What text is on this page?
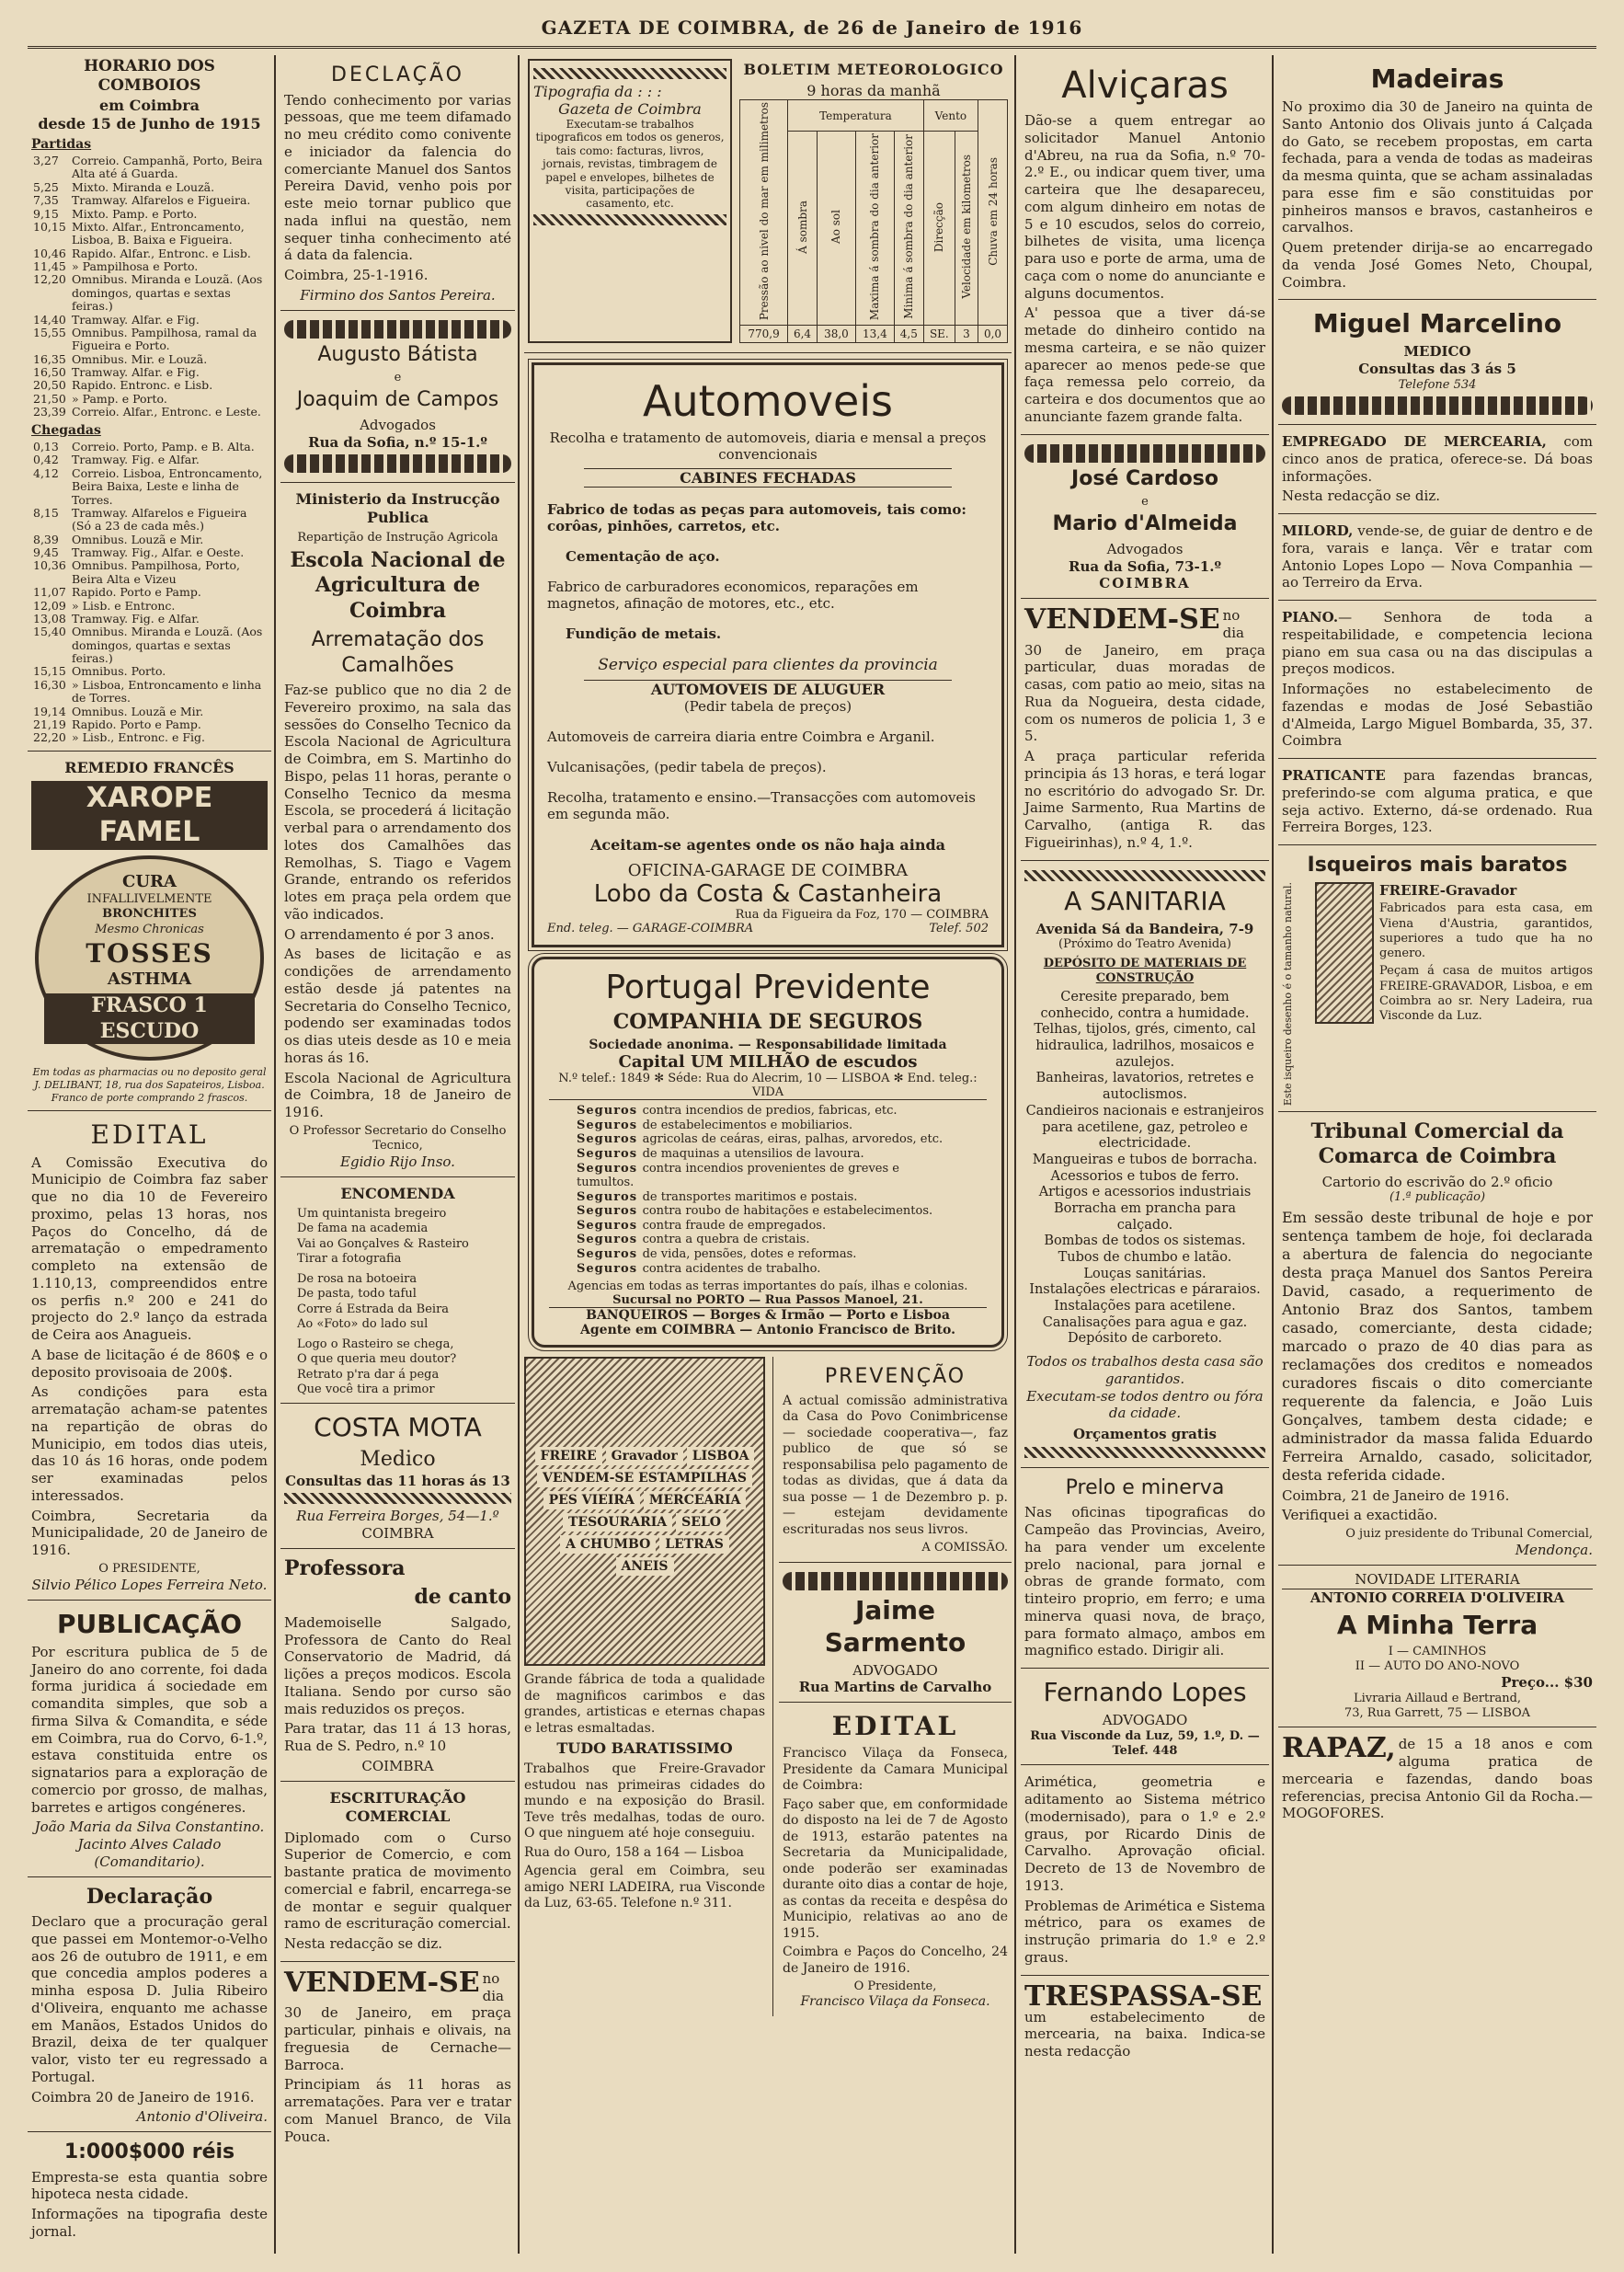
GAZETA DE COIMBRA, de 26 de Janeiro de 1916
HORARIO DOS COMBOIOS
em Coimbra
desde 15 de Junho de 1915
Partidas
3,27	Correio. Campanhã, Porto, Beira Alta até á Guarda.
5,25	Mixto. Miranda e Louzã.
7,35	Tramway. Alfarelos e Figueira.
9,15	Mixto. Pamp. e Porto.
10,15	Mixto. Alfar., Entroncamento, Lisboa, B. Baixa e Figueira.
10,46	Rapido. Alfar., Entronc. e Lisb.
11,45	» Pampilhosa e Porto.
12,20	Omnibus. Miranda e Louzã. (Aos domingos, quartas e sextas feiras.)
14,40	Tramway. Alfar. e Fig.
15,55	Omnibus. Pampilhosa, ramal da Figueira e Porto.
16,35	Omnibus. Mir. e Louzã.
16,50	Tramway. Alfar. e Fig.
20,50	Rapido. Entronc. e Lisb.
21,50	» Pamp. e Porto.
23,39	Correio. Alfar., Entronc. e Leste.
Chegadas
0,13	Correio. Porto, Pamp. e B. Alta.
0,42	Tramway. Fig. e Alfar.
4,12	Correio. Lisboa, Entroncamento, Beira Baixa, Leste e linha de Torres.
8,15	Tramway. Alfarelos e Figueira (Só a 23 de cada mês.)
8,39	Omnibus. Louzã e Mir.
9,45	Tramway. Fig., Alfar. e Oeste.
10,36	Omnibus. Pampilhosa, Porto, Beira Alta e Vizeu
11,07	Rapido. Porto e Pamp.
12,09	» Lisb. e Entronc.
13,08	Tramway. Fig. e Alfar.
15,40	Omnibus. Miranda e Louzã. (Aos domingos, quartas e sextas feiras.)
15,15	Omnibus. Porto.
16,30	» Lisboa, Entroncamento e linha de Torres.
19,14	Omnibus. Louzã e Mir.
21,19	Rapido. Porto e Pamp.
22,20	» Lisb., Entronc. e Fig.
REMEDIO FRANCÊS
XAROPE FAMEL
CURA
INFALLIVELMENTE
BRONCHITES
Mesmo Chronicas
TOSSES
ASTHMA
FRASCO 1 ESCUDO
Em todas as pharmacias ou no deposito geral J. DELIBANT, 18, rua dos Sapateiros, Lisboa. Franco de porte comprando 2 frascos.
EDITAL

A Comissão Executiva do Municipio de Coimbra faz saber que no dia 10 de Fevereiro proximo, pelas 13 horas, nos Paços do Concelho, dá de arrematação o empedramento completo na extensão de 1.110,13, compreendidos entre os perfis n.º 200 e 241 do projecto do 2.º lanço da estrada de Ceira aos Anagueis.

A base de licitação é de 860$ e o deposito provisoaia de 200$.

As condições para esta arrematação acham-se patentes na repartição de obras do Municipio, em todos dias uteis, das 10 ás 16 horas, onde podem ser examinadas pelos interessados.

Coimbra, Secretaria da Municipalidade, 20 de Janeiro de 1916.

O PRESIDENTE,
Silvio Pélico Lopes Ferreira Neto.
PUBLICAÇÃO

Por escritura publica de 5 de Janeiro do ano corrente, foi dada forma juridica á sociedade em comandita simples, que sob a firma Silva & Comandita, e séde em Coimbra, rua do Corvo, 6-1.º, estava constituida entre os signatarios para a exploração de comercio por grosso, de malhas, barretes e artigos congéneres.

João Maria da Silva Constantino.
Jacinto Alves Calado (Comanditario).
Declaração

Declaro que a procuração geral que passei em Montemor-o-Velho aos 26 de outubro de 1911, e em que concedia amplos poderes a minha esposa D. Julia Ribeiro d'Oliveira, enquanto me achasse em Manãos, Estados Unidos do Brazil, deixa de ter qualquer valor, visto ter eu regressado a Portugal.

Coimbra 20 de Janeiro de 1916.

Antonio d'Oliveira.
1:000$000 réis

Empresta-se esta quantia sobre hipoteca nesta cidade.

Informações na tipografia deste jornal.

DECLAÇÃO

Tendo conhecimento por varias pessoas, que me teem difamado no meu crédito como conivente e iniciador da falencia do comerciante Manuel dos Santos Pereira David, venho pois por este meio tornar publico que nada influi na questão, nem sequer tinha conhecimento até á data da falencia.

Coimbra, 25-1-1916.

Firmino dos Santos Pereira.
Augusto Bátista
e
Joaquim de Campos
Advogados
Rua da Sofia, n.º 15-1.º
Ministerio da Instrucção Publica
Repartição de Instrução Agricola
Escola Nacional de Agricultura de Coimbra
Arrematação dos Camalhões

Faz-se publico que no dia 2 de Fevereiro proximo, na sala das sessões do Conselho Tecnico da Escola Nacional de Agricultura de Coimbra, em S. Martinho do Bispo, pelas 11 horas, perante o Conselho Tecnico da mesma Escola, se procederá á licitação verbal para o arrendamento dos lotes dos Camalhões das Remolhas, S. Tiago e Vagem Grande, entrando os referidos lotes em praça pela ordem que vão indicados.

O arrendamento é por 3 anos.

As bases de licitação e as condições de arrendamento estão desde já patentes na Secretaria do Conselho Tecnico, podendo ser examinadas todos os dias uteis desde as 10 e meia horas ás 16.

Escola Nacional de Agricultura de Coimbra, 18 de Janeiro de 1916.

O Professor Secretario do Conselho Tecnico,
Egidio Rijo Inso.
ENCOMENDA
Um quintanista bregeiro
De fama na academia
Vai ao Gonçalves & Rasteiro
Tirar a fotografia
De rosa na botoeira
De pasta, todo taful
Corre á Estrada da Beira
Ao «Foto» do lado sul
Logo o Rasteiro se chega,
O que queria meu doutor?
Retrato p'ra dar á pega
Que você tira a primor
COSTA MOTA
Medico
Consultas das 11 horas ás 13
Rua Ferreira Borges, 54—1.º
COIMBRA
Professora
de canto

Mademoiselle Salgado, Professora de Canto do Real Conservatorio de Madrid, dá lições a preços modicos. Escola Italiana. Sendo por curso são mais reduzidos os preços.

Para tratar, das 11 á 13 horas, Rua de S. Pedro, n.º 10

COIMBRA
ESCRITURAÇÃO COMERCIAL

Diplomado com o Curso Superior de Comercio, e com bastante pratica de movimento comercial e fabril, encarrega-se de montar e seguir qualquer ramo de escrituração comercial.

Nesta redacção se diz.

VENDEM-SE no dia 30 de Janeiro, em praça particular, pinhais e olivais, na freguesia de Cernache—Barroca.

Principiam ás 11 horas as arrematações. Para ver e tratar com Manuel Branco, de Vila Pouca.

Tipografia da : : :
Gazeta de Coimbra
Executam-se trabalhos tipograficos em todos os generos, tais como: facturas, livros, jornais, revistas, timbragem de papel e envelopes, bilhetes de visita, participações de casamento, etc.
BOLETIM METEOROLOGICO
9 horas da manhã
Pressão ao nivel do mar em milimetros	Temperatura				Vento		Chuva em 24 horas
	Á sombra	Ao sol	Maxima á sombra do dia anterior	Minima á sombra do dia anterior	Direcção	Velocidade em kilometros	
770,9	6,4	38,0	13,4	4,5	SE.	3	0,0
Automoveis
Recolha e tratamento de automoveis, diaria e mensal a preços convencionais
CABINES FECHADAS

Fabrico de todas as peças para automoveis, tais como: corôas, pinhões, carretos, etc.

Cementação de aço.

Fabrico de carburadores economicos, reparações em magnetos, afinação de motores, etc., etc.

Fundição de metais.

Serviço especial para clientes da provincia
AUTOMOVEIS DE ALUGUER
(Pedir tabela de preços)

Automoveis de carreira diaria entre Coimbra e Arganil.

Vulcanisações, (pedir tabela de preços).

Recolha, tratamento e ensino.—Transacções com automoveis em segunda mão.

Aceitam-se agentes onde os não haja ainda
OFICINA-GARAGE DE COIMBRA
Lobo da Costa & Castanheira
Rua da Figueira da Foz, 170 — COIMBRA
End. teleg. — GARAGE-COIMBRA	Telef. 502
Portugal Previdente
COMPANHIA DE SEGUROS
Sociedade anonima. — Responsabilidade limitada
Capital UM MILHÃO de escudos
N.º telef.: 1849 ✻ Séde: Rua do Alecrim, 10 — LISBOA ✻ End. teleg.: VIDA
Seguros contra incendios de predios, fabricas, etc.
Seguros de estabelecimentos e mobiliarios.
Seguros agricolas de ceáras, eiras, palhas, arvoredos, etc.
Seguros de maquinas a utensilios de lavoura.
Seguros contra incendios provenientes de greves e tumultos.
Seguros de transportes maritimos e postais.
Seguros contra roubo de habitações e estabelecimentos.
Seguros contra fraude de empregados.
Seguros contra a quebra de cristais.
Seguros de vida, pensões, dotes e reformas.
Seguros contra acidentes de trabalho.
Agencias em todas as terras importantes do país, ilhas e colonias.
Sucursal no PORTO — Rua Passos Manoel, 21.
BANQUEIROS — Borges & Irmão — Porto e Lisboa
Agente em COIMBRA — Antonio Francisco de Brito.
FREIRE	Gravador	LISBOA
VENDEM-SE ESTAMPILHAS
PES VIEIRA	MERCEARIA
TESOURARIA	SELO
A CHUMBO	LETRAS
ANEIS

Grande fábrica de toda a qualidade de magnificos carimbos e das grandes, artisticas e eternas chapas e letras esmaltadas.

TUDO BARATISSIMO

Trabalhos que Freire-Gravador estudou nas primeiras cidades do mundo e na exposição do Brasil. Teve três medalhas, todas de ouro. O que ninguem até hoje conseguiu.

Rua do Ouro, 158 a 164 — Lisboa

Agencia geral em Coimbra, seu amigo NERI LADEIRA, rua Visconde da Luz, 63-65. Telefone n.º 311.

PREVENÇÃO

A actual comissão administrativa da Casa do Povo Conimbricense — sociedade cooperativa—, faz publico de que só se responsabilisa pelo pagamento de todas as dividas, que á data da sua posse — 1 de Dezembro p. p. — estejam devidamente escrituradas nos seus livros.

A COMISSÃO.
Jaime Sarmento
ADVOGADO
Rua Martins de Carvalho
EDITAL

Francisco Vilaça da Fonseca, Presidente da Camara Municipal de Coimbra:

Faço saber que, em conformidade do disposto na lei de 7 de Agosto de 1913, estarão patentes na Secretaria da Municipalidade, onde poderão ser examinadas durante oito dias a contar de hoje, as contas da receita e despêsa do Municipio, relativas ao ano de 1915.

Coimbra e Paços do Concelho, 24 de Janeiro de 1916.

O Presidente,
Francisco Vilaça da Fonseca.
Alviçaras

Dão-se a quem entregar ao solicitador Manuel Antonio d'Abreu, na rua da Sofia, n.º 70-2.º E., ou indicar quem tiver, uma carteira que lhe desapareceu, com algum dinheiro em notas de 5 e 10 escudos, selos do correio, bilhetes de visita, uma licença para uso e porte de arma, uma de caça com o nome do anunciante e alguns documentos.

A' pessoa que a tiver dá-se metade do dinheiro contido na mesma carteira, e se não quizer aparecer ao menos pede-se que faça remessa pelo correio, da carteira e dos documentos que ao anunciante fazem grande falta.

José Cardoso
e
Mario d'Almeida
Advogados
Rua da Sofia, 73-1.º
COIMBRA

VENDEM-SE no dia 30 de Janeiro, em praça particular, duas moradas de casas, com patio ao meio, sitas na Rua da Nogueira, desta cidade, com os numeros de policia 1, 3 e 5.

A praça particular referida principia ás 13 horas, e terá logar no escritório do advogado Sr. Dr. Jaime Sarmento, Rua Martins de Carvalho, (antiga R. das Figueirinhas), n.º 4, 1.º.

A SANITARIA
Avenida Sá da Bandeira, 7-9
(Próximo do Teatro Avenida)
DEPÓSITO DE MATERIAIS DE CONSTRUÇÃO
Ceresite preparado, bem conhecido, contra a humidade.
Telhas, tijolos, grés, cimento, cal hidraulica, ladrilhos, mosaicos e azulejos.
Banheiras, lavatorios, retretes e autoclismos.
Candieiros nacionais e estranjeiros para acetilene, gaz, petroleo e electricidade.
Mangueiras e tubos de borracha.
Acessorios e tubos de ferro.
Artigos e acessorios industriais
Borracha em prancha para calçado.
Bombas de todos os sistemas.
Tubos de chumbo e latão.
Louças sanitárias.
Instalações electricas e páraraios.
Instalações para acetilene.
Canalisações para agua e gaz.
Depósito de carboreto.
Todos os trabalhos desta casa são garantidos.
Executam-se todos dentro ou fóra da cidade.
Orçamentos gratis
Prelo e minerva

Nas oficinas tipograficas do Campeão das Provincias, Aveiro, ha para vender um excelente prelo nacional, para jornal e obras de grande formato, com tinteiro proprio, em ferro; e uma minerva quasi nova, de braço, para formato almaço, ambos em magnifico estado. Dirigir ali.

Fernando Lopes
ADVOGADO
Rua Visconde da Luz, 59, 1.º, D. — Telef. 448

Arimética, geometria e aditamento ao Sistema métrico (modernisado), para o 1.º e 2.º graus, por Ricardo Dinis de Carvalho. Aprovação oficial. Decreto de 13 de Novembro de 1913.

Problemas de Arimética e Sistema métrico, para os exames de instrução primaria do 1.º e 2.º graus.

TRESPASSA-SE
um estabelecimento de mercearia, na baixa. Indica-se nesta redacção

Madeiras

No proximo dia 30 de Janeiro na quinta de Santo Antonio dos Olivais junto á Calçada do Gato, se recebem propostas, em carta fechada, para a venda de todas as madeiras da mesma quinta, que se acham assinaladas para esse fim e são constituidas por pinheiros mansos e bravos, castanheiros e carvalhos.

Quem pretender dirija-se ao encarregado da venda José Gomes Neto, Choupal, Coimbra.

Miguel Marcelino
MEDICO
Consultas das 3 ás 5
Telefone 534

EMPREGADO DE MERCEARIA, com cinco anos de pratica, oferece-se. Dá boas informações.

Nesta redacção se diz.

MILORD, vende-se, de guiar de dentro e de fora, varais e lança. Vêr e tratar com Antonio Lopes Lopo — Nova Companhia — ao Terreiro da Erva.

PIANO.— Senhora de toda a respeitabilidade, e competencia leciona piano em sua casa ou na das discipulas a preços modicos.

Informações no estabelecimento de fazendas e modas de José Sebastião d'Almeida, Largo Miguel Bombarda, 35, 37. Coimbra

PRATICANTE para fazendas brancas, preferindo-se com alguma pratica, e que seja activo. Externo, dá-se ordenado. Rua Ferreira Borges, 123.

Isqueiros mais baratos
Este isqueiro desenho é o tamanho natural.	FREIRE-Gravador

Fabricados para esta casa, em Viena d'Austria, garantidos, superiores a tudo que ha no genero.

Peçam á casa de muitos artigos FREIRE-GRAVADOR, Lisboa, e em Coimbra ao sr. Nery Ladeira, rua Visconde da Luz.

Tribunal Comercial da Comarca de Coimbra
Cartorio do escrivão do 2.º oficio
(1.ª publicação)

Em sessão deste tribunal de hoje e por sentença tambem de hoje, foi declarada a abertura de falencia do negociante desta praça Manuel dos Santos Pereira David, casado, a requerimento de Antonio Braz dos Santos, tambem casado, comerciante, desta cidade; marcado o prazo de 40 dias para as reclamações dos creditos e nomeados curadores fiscais o dito comerciante requerente da falencia, e João Luis Gonçalves, tambem desta cidade; e administrador da massa falida Eduardo Ferreira Arnaldo, casado, solicitador, desta referida cidade.

Coimbra, 21 de Janeiro de 1916.

Verifiquei a exactidão.

O juiz presidente do Tribunal Comercial,
Mendonça.
NOVIDADE LITERARIA
ANTONIO CORREIA D'OLIVEIRA
A Minha Terra
I — CAMINHOS
II — AUTO DO ANO-NOVO
Preço... $30
Livraria Aillaud e Bertrand,
73, Rua Garrett, 75 — LISBOA

RAPAZ, de 15 a 18 anos e com alguma pratica de mercearia e fazendas, dando boas referencias, precisa Antonio Gil da Rocha.—MOGOFORES.
